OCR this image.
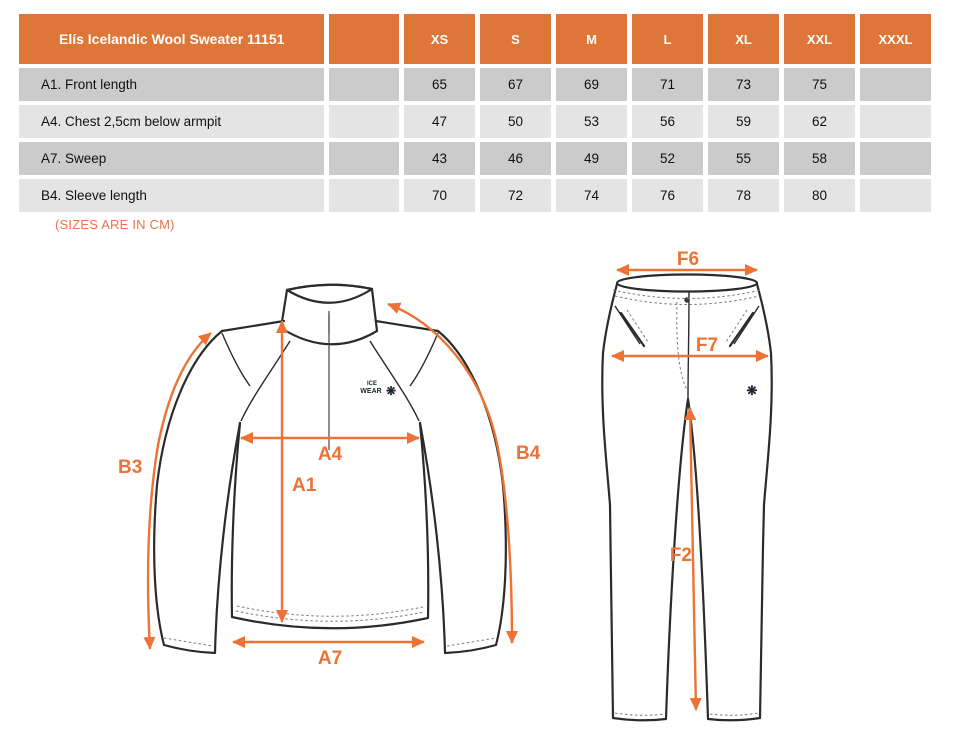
Elís Icelandic Wool Sweater 11151		XS	S	M	L	XL	XXL	XXXL
A1. Front length		65	67	69	71	73	75	
A4. Chest 2,5cm below armpit		47	50	53	56	59	62	
A7. Sweep		43	46	49	52	55	58	
B4. Sleeve length		70	72	74	76	78	80	
(SIZES ARE IN CM)
ICE
WEAR ❋
A1
A4
A7
B3
B4
❋
F6
F7
F2
